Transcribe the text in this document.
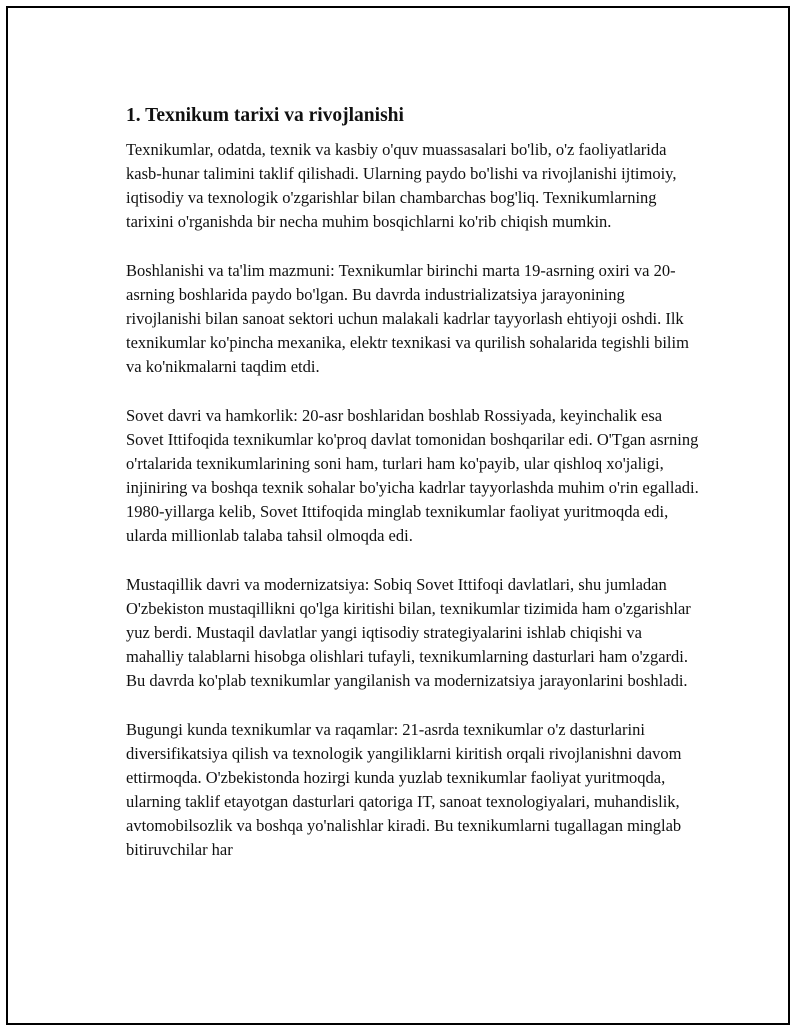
1. Texnikum tarixi va rivojlanishi

Texnikumlar, odatda, texnik va kasbiy o'quv muassasalari bo'lib, o'z faoliyatlarida kasb-hunar talimini taklif qilishadi. Ularning paydo bo'lishi va rivojlanishi ijtimoiy, iqtisodiy va texnologik o'zgarishlar bilan chambarchas bog'liq. Texnikumlarning tarixini o'rganishda bir necha muhim bosqichlarni ko'rib chiqish mumkin.

Boshlanishi va ta'lim mazmuni: Texnikumlar birinchi marta 19-asrning oxiri va 20-asrning boshlarida paydo bo'lgan. Bu davrda industrializatsiya jarayonining rivojlanishi bilan sanoat sektori uchun malakali kadrlar tayyorlash ehtiyoji oshdi. Ilk texnikumlar ko'pincha mexanika, elektr texnikasi va qurilish sohalarida tegishli bilim va ko'nikmalarni taqdim etdi.

Sovet davri va hamkorlik: 20-asr boshlaridan boshlab Rossiyada, keyinchalik esa Sovet Ittifoqida texnikumlar ko'proq davlat tomonidan boshqarilar edi. O'Tgan asrning o'rtalarida texnikumlarining soni ham, turlari ham ko'payib, ular qishloq xo'jaligi, injiniring va boshqa texnik sohalar bo'yicha kadrlar tayyorlashda muhim o'rin egalladi. 1980-yillarga kelib, Sovet Ittifoqida minglab texnikumlar faoliyat yuritmoqda edi, ularda millionlab talaba tahsil olmoqda edi.

Mustaqillik davri va modernizatsiya: Sobiq Sovet Ittifoqi davlatlari, shu jumladan O'zbekiston mustaqillikni qo'lga kiritishi bilan, texnikumlar tizimida ham o'zgarishlar yuz berdi. Mustaqil davlatlar yangi iqtisodiy strategiyalarini ishlab chiqishi va mahalliy talablarni hisobga olishlari tufayli, texnikumlarning dasturlari ham o'zgardi. Bu davrda ko'plab texnikumlar yangilanish va modernizatsiya jarayonlarini boshladi.

Bugungi kunda texnikumlar va raqamlar: 21-asrda texnikumlar o'z dasturlarini diversifikatsiya qilish va texnologik yangiliklarni kiritish orqali rivojlanishni davom ettirmoqda. O'zbekistonda hozirgi kunda yuzlab texnikumlar faoliyat yuritmoqda, ularning taklif etayotgan dasturlari qatoriga IT, sanoat texnologiyalari, muhandislik, avtomobilsozlik va boshqa yo'nalishlar kiradi. Bu texnikumlarni tugallagan minglab bitiruvchilar har
